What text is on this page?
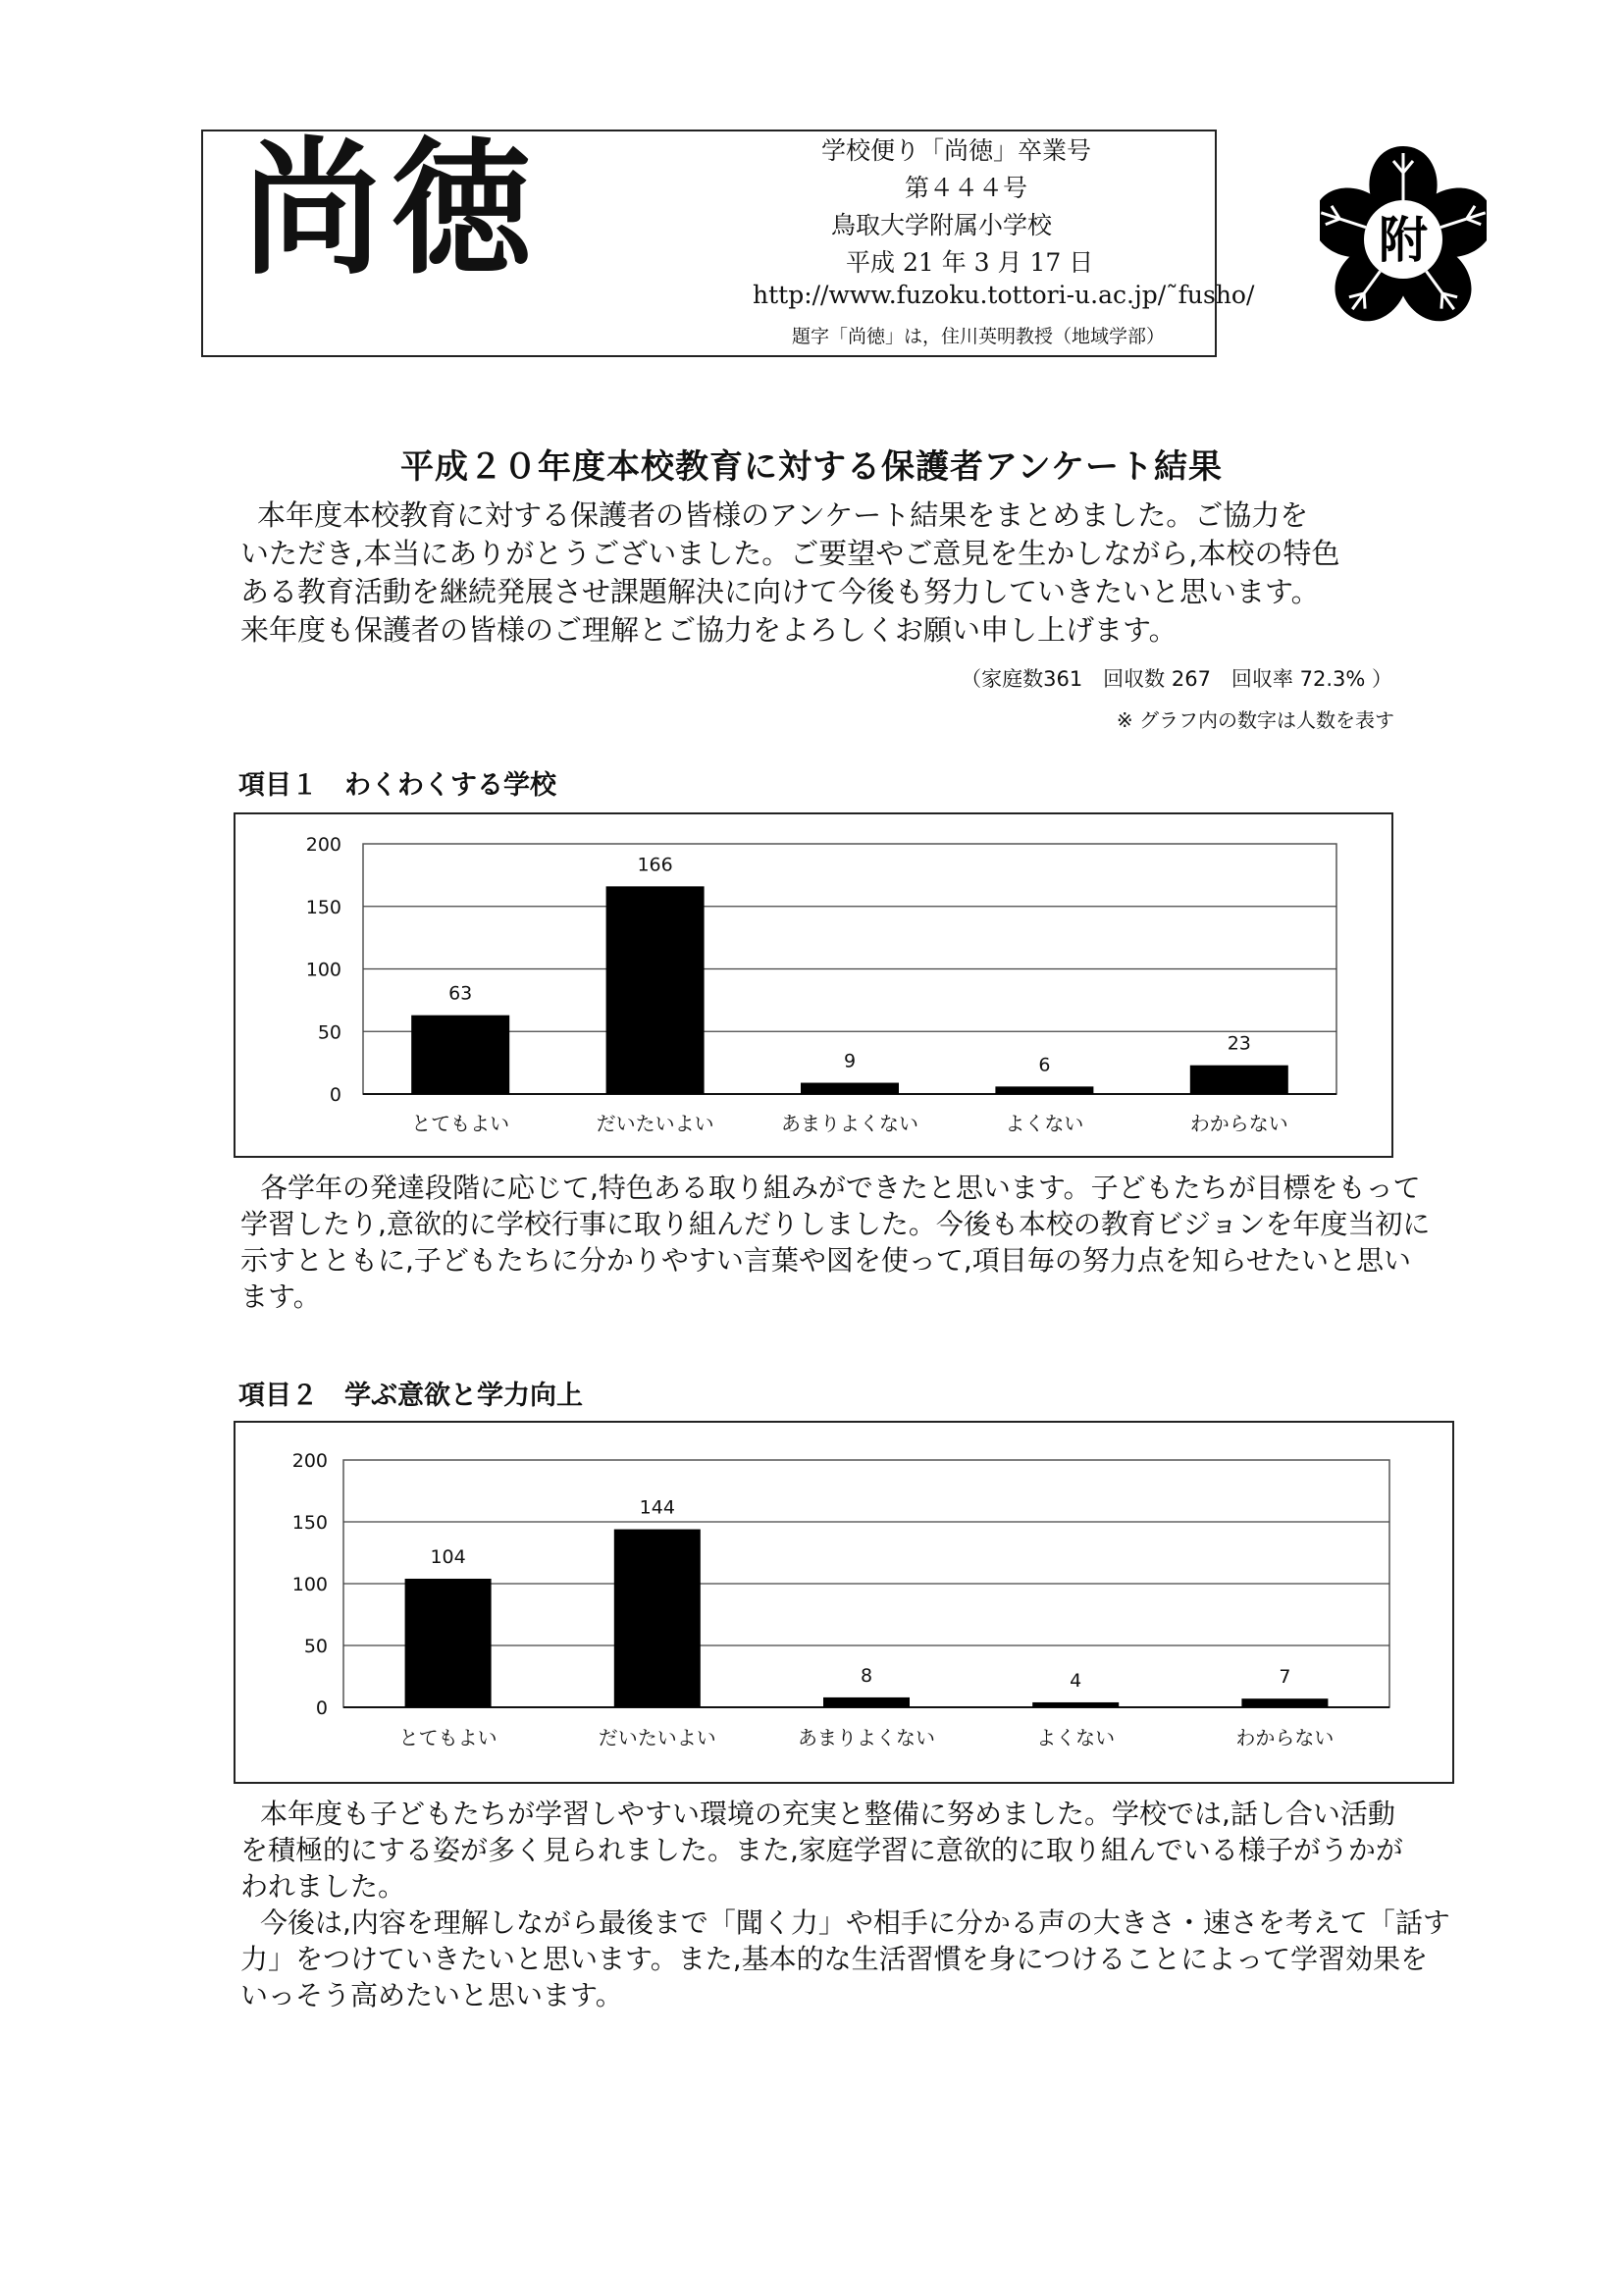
尚徳	学校便り「尚徳」卒業号
第４４４号
鳥取大学附属小学校
平成 21 年 3 月 17 日
http://www.fuzoku.tottori-u.ac.jp/˜fusho/
題字「尚徳」は，住川英明教授（地域学部）
附
平成２０年度本校教育に対する保護者アンケート結果
本年度本校教育に対する保護者の皆様のアンケート結果をまとめました。ご協力を
いただき,本当にありがとうございました。ご要望やご意見を生かしながら,本校の特色
ある教育活動を継続発展させ課題解決に向けて今後も努力していきたいと思います。
来年度も保護者の皆様のご理解とご協力をよろしくお願い申し上げます。
（家庭数361　回収数 267　回収率 72.3% ）
※ グラフ内の数字は人数を表す
項目１　わくわくする学校
0
50
100
150
200
63
とてもよい
166
だいたいよい
9
あまりよくない
6
よくない
23
わからない
各学年の発達段階に応じて,特色ある取り組みができたと思います。子どもたちが目標をもって
学習したり,意欲的に学校行事に取り組んだりしました。今後も本校の教育ビジョンを年度当初に
示すとともに,子どもたちに分かりやすい言葉や図を使って,項目毎の努力点を知らせたいと思い
ます。
項目２　学ぶ意欲と学力向上
0
50
100
150
200
104
とてもよい
144
だいたいよい
8
あまりよくない
4
よくない
7
わからない
本年度も子どもたちが学習しやすい環境の充実と整備に努めました。学校では,話し合い活動
を積極的にする姿が多く見られました。また,家庭学習に意欲的に取り組んでいる様子がうかが
われました。
今後は,内容を理解しながら最後まで「聞く力」や相手に分かる声の大きさ・速さを考えて「話す
力」をつけていきたいと思います。また,基本的な生活習慣を身につけることによって学習効果を
いっそう高めたいと思います。
